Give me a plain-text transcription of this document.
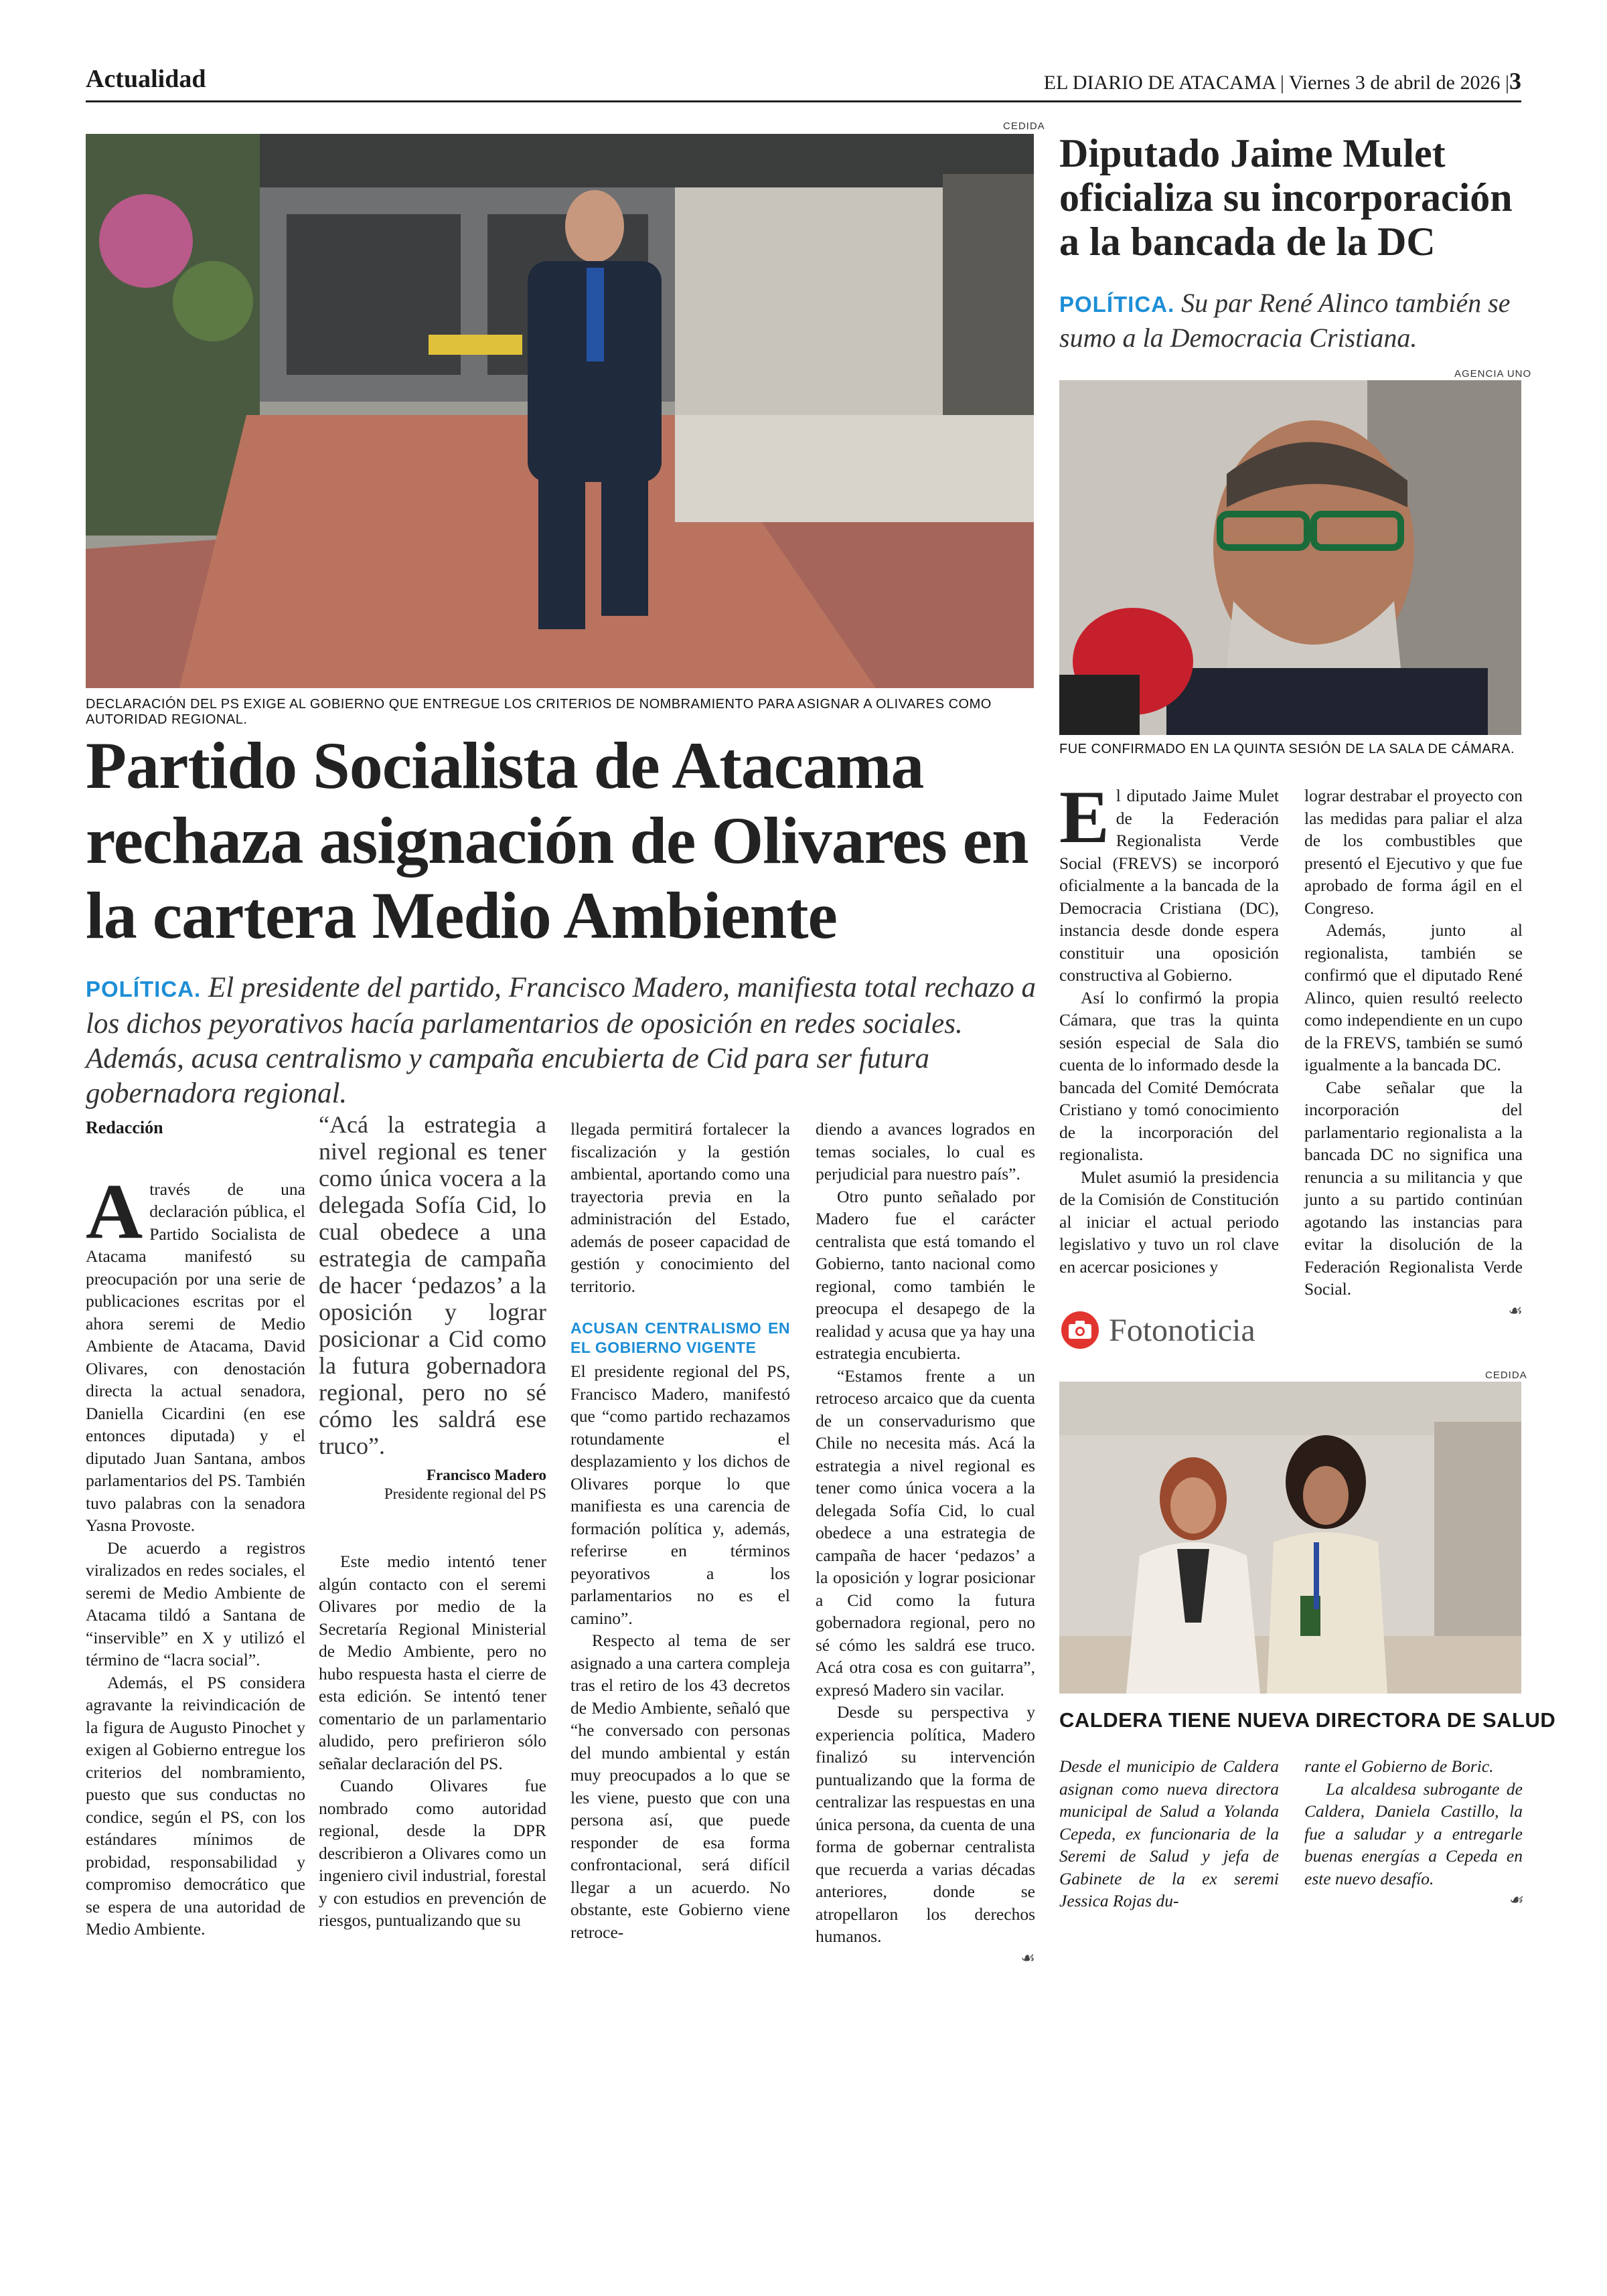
Actualidad	EL DIARIO DE ATACAMA | Viernes 3 de abril de 2026 |3
CEDIDA
DECLARACIÓN DEL PS EXIGE AL GOBIERNO QUE ENTREGUE LOS CRITERIOS DE NOMBRAMIENTO PARA ASIGNAR A OLIVARES COMO AUTORIDAD REGIONAL.
Partido Socialista de Atacama rechaza asignación de Olivares en la cartera Medio Ambiente
POLÍTICA. El presidente del partido, Francisco Madero, manifiesta total rechazo a los dichos peyorativos hacía parlamentarios de oposición en redes sociales. Además, acusa centralismo y campaña encubierta de Cid para ser futura gobernadora regional.
Redacción

Através de una declaración pública, el Partido Socialista de Atacama manifestó su preocupación por una serie de publicaciones escritas por el ahora seremi de Medio Ambiente de Atacama, David Olivares, con denostación directa la actual senadora, Daniella Cicardini (en ese entonces diputada) y el diputado Juan Santana, ambos parlamentarios del PS. También tuvo palabras con la senadora Yasna Provoste.

De acuerdo a registros viralizados en redes sociales, el seremi de Medio Ambiente de Atacama tildó a Santana de “inservible” en X y utilizó el término de “lacra social”.

Además, el PS considera agravante la reivindicación de la figura de Augusto Pinochet y exigen al Gobierno entregue los criterios del nombramiento, puesto que sus conductas no condice, según el PS, con los estándares mínimos de probidad, responsabilidad y compromiso democrático que se espera de una autoridad de Medio Ambiente.

“Acá la estrategia a nivel regional es tener como única vocera a la delegada Sofía Cid, lo cual obedece a una estrategia de campaña de hacer ‘pedazos’ a la oposición y lograr posicionar a Cid como la futura gobernadora regional, pero no sé cómo les saldrá ese truco”.
Francisco Madero
Presidente regional del PS

Este medio intentó tener algún contacto con el seremi Olivares por medio de la Secretaría Regional Ministerial de Medio Ambiente, pero no hubo respuesta hasta el cierre de esta edición. Se intentó tener comentario de un parlamentario aludido, pero prefirieron sólo señalar declaración del PS.

Cuando Olivares fue nombrado como autoridad regional, desde la DPR describieron a Olivares como un ingeniero civil industrial, forestal y con estudios en prevención de riesgos, puntualizando que su

llegada permitirá fortalecer la fiscalización y la gestión ambiental, aportando como una trayectoria previa en la administración del Estado, además de poseer capacidad de gestión y conocimiento del territorio.

ACUSAN CENTRALISMO EN EL GOBIERNO VIGENTE

El presidente regional del PS, Francisco Madero, manifestó que “como partido rechazamos rotundamente el desplazamiento y los dichos de Olivares porque lo que manifiesta es una carencia de formación política y, además, referirse en términos peyorativos a los parlamentarios no es el camino”.

Respecto al tema de ser asignado a una cartera compleja tras el retiro de los 43 decretos de Medio Ambiente, señaló que “he conversado con personas del mundo ambiental y están muy preocupados a lo que se les viene, puesto que con una persona así, que puede responder de esa forma confrontacional, será difícil llegar a un acuerdo. No obstante, este Gobierno viene retroce-

diendo a avances logrados en temas sociales, lo cual es perjudicial para nuestro país”.

Otro punto señalado por Madero fue el carácter centralista que está tomando el Gobierno, tanto nacional como regional, como también le preocupa el desapego de la realidad y acusa que ya hay una estrategia encubierta.

“Estamos frente a un retroceso arcaico que da cuenta de un conservadurismo que Chile no necesita más. Acá la estrategia a nivel regional es tener como única vocera a la delegada Sofía Cid, lo cual obedece a una estrategia de campaña de hacer ‘pedazos’ a la oposición y lograr posicionar a Cid como la futura gobernadora regional, pero no sé cómo les saldrá ese truco. Acá otra cosa es con guitarra”, expresó Madero sin vacilar.

Desde su perspectiva y experiencia política, Madero finalizó su intervención puntualizando que la forma de centralizar las respuestas en una única persona, da cuenta de una forma de gobernar centralista que recuerda a varias décadas anteriores, donde se atropellaron los derechos humanos.

☙
Diputado Jaime Mulet oficializa su incorporación a la bancada de la DC
POLÍTICA. Su par René Alinco también se sumo a la Democracia Cristiana.
AGENCIA UNO
FUE CONFIRMADO EN LA QUINTA SESIÓN DE LA SALA DE CÁMARA.

El diputado Jaime Mulet de la Federación Regionalista Verde Social (FREVS) se incorporó oficialmente a la bancada de la Democracia Cristiana (DC), instancia desde donde espera constituir una oposición constructiva al Gobierno.

Así lo confirmó la propia Cámara, que tras la quinta sesión especial de Sala dio cuenta de lo informado desde la bancada del Comité Demócrata Cristiano y tomó conocimiento de la incorporación del regionalista.

Mulet asumió la presidencia de la Comisión de Constitución al iniciar el actual periodo legislativo y tuvo un rol clave en acercar posiciones y

lograr destrabar el proyecto con las medidas para paliar el alza de los combustibles que presentó el Ejecutivo y que fue aprobado de forma ágil en el Congreso.

Además, junto al regionalista, también se confirmó que el diputado René Alinco, quien resultó reelecto como independiente en un cupo de la FREVS, también se sumó igualmente a la bancada DC.

Cabe señalar que la incorporación del parlamentario regionalista a la bancada DC no significa una renuncia a su militancia y que junto a su partido continúan agotando las instancias para evitar la disolución de la Federación Regionalista Verde Social.

☙
Fotonoticia
CEDIDA
CALDERA TIENE NUEVA DIRECTORA DE SALUD

Desde el municipio de Caldera asignan como nueva directora municipal de Salud a Yolanda Cepeda, ex funcionaria de la Seremi de Salud y jefa de Gabinete de la ex seremi Jessica Rojas du-

rante el Gobierno de Boric.

La alcaldesa subrogante de Caldera, Daniela Castillo, la fue a saludar y a entregarle buenas energías a Cepeda en este nuevo desafío.

☙
